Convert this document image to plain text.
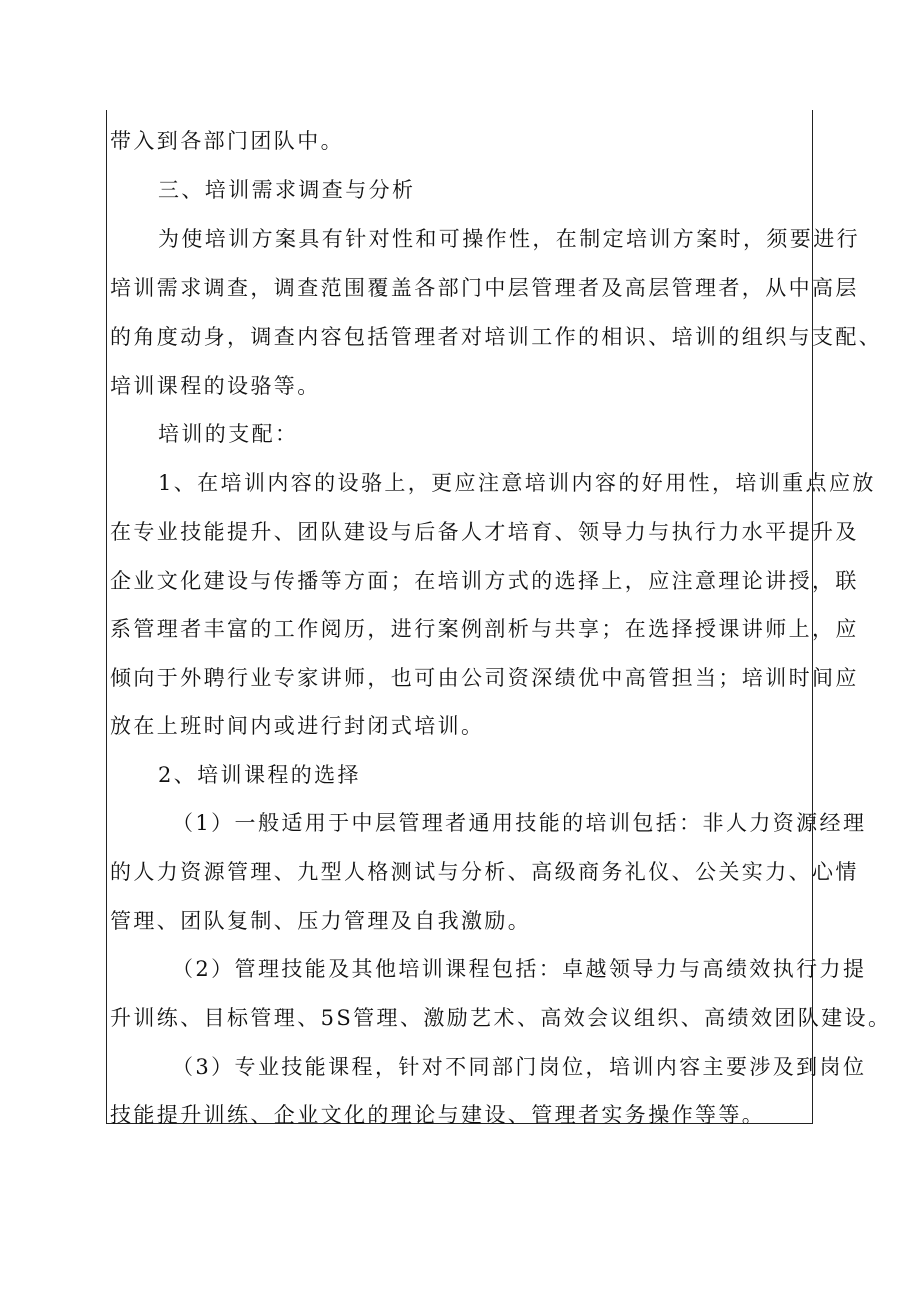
带入到各部门团队中。
三、培训需求调查与分析
为使培训方案具有针对性和可操作性，在制定培训方案时，须要进行
培训需求调查，调查范围覆盖各部门中层管理者及高层管理者，从中高层
的角度动身，调查内容包括管理者对培训工作的相识、培训的组织与支配、
培训课程的设骆等。
培训的支配：
1、在培训内容的设骆上，更应注意培训内容的好用性，培训重点应放
在专业技能提升、团队建设与后备人才培育、领导力与执行力水平提升及
企业文化建设与传播等方面；在培训方式的选择上，应注意理论讲授，联
系管理者丰富的工作阅历，进行案例剖析与共享；在选择授课讲师上，应
倾向于外聘行业专家讲师，也可由公司资深绩优中高管担当；培训时间应
放在上班时间内或进行封闭式培训。
2、培训课程的选择
（1）一般适用于中层管理者通用技能的培训包括：非人力资源经理
的人力资源管理、九型人格测试与分析、高级商务礼仪、公关实力、心情
管理、团队复制、压力管理及自我激励。
（2）管理技能及其他培训课程包括：卓越领导力与高绩效执行力提
升训练、目标管理、5S管理、激励艺术、高效会议组织、高绩效团队建设。
（3）专业技能课程，针对不同部门岗位，培训内容主要涉及到岗位
技能提升训练、企业文化的理论与建设、管理者实务操作等等。
